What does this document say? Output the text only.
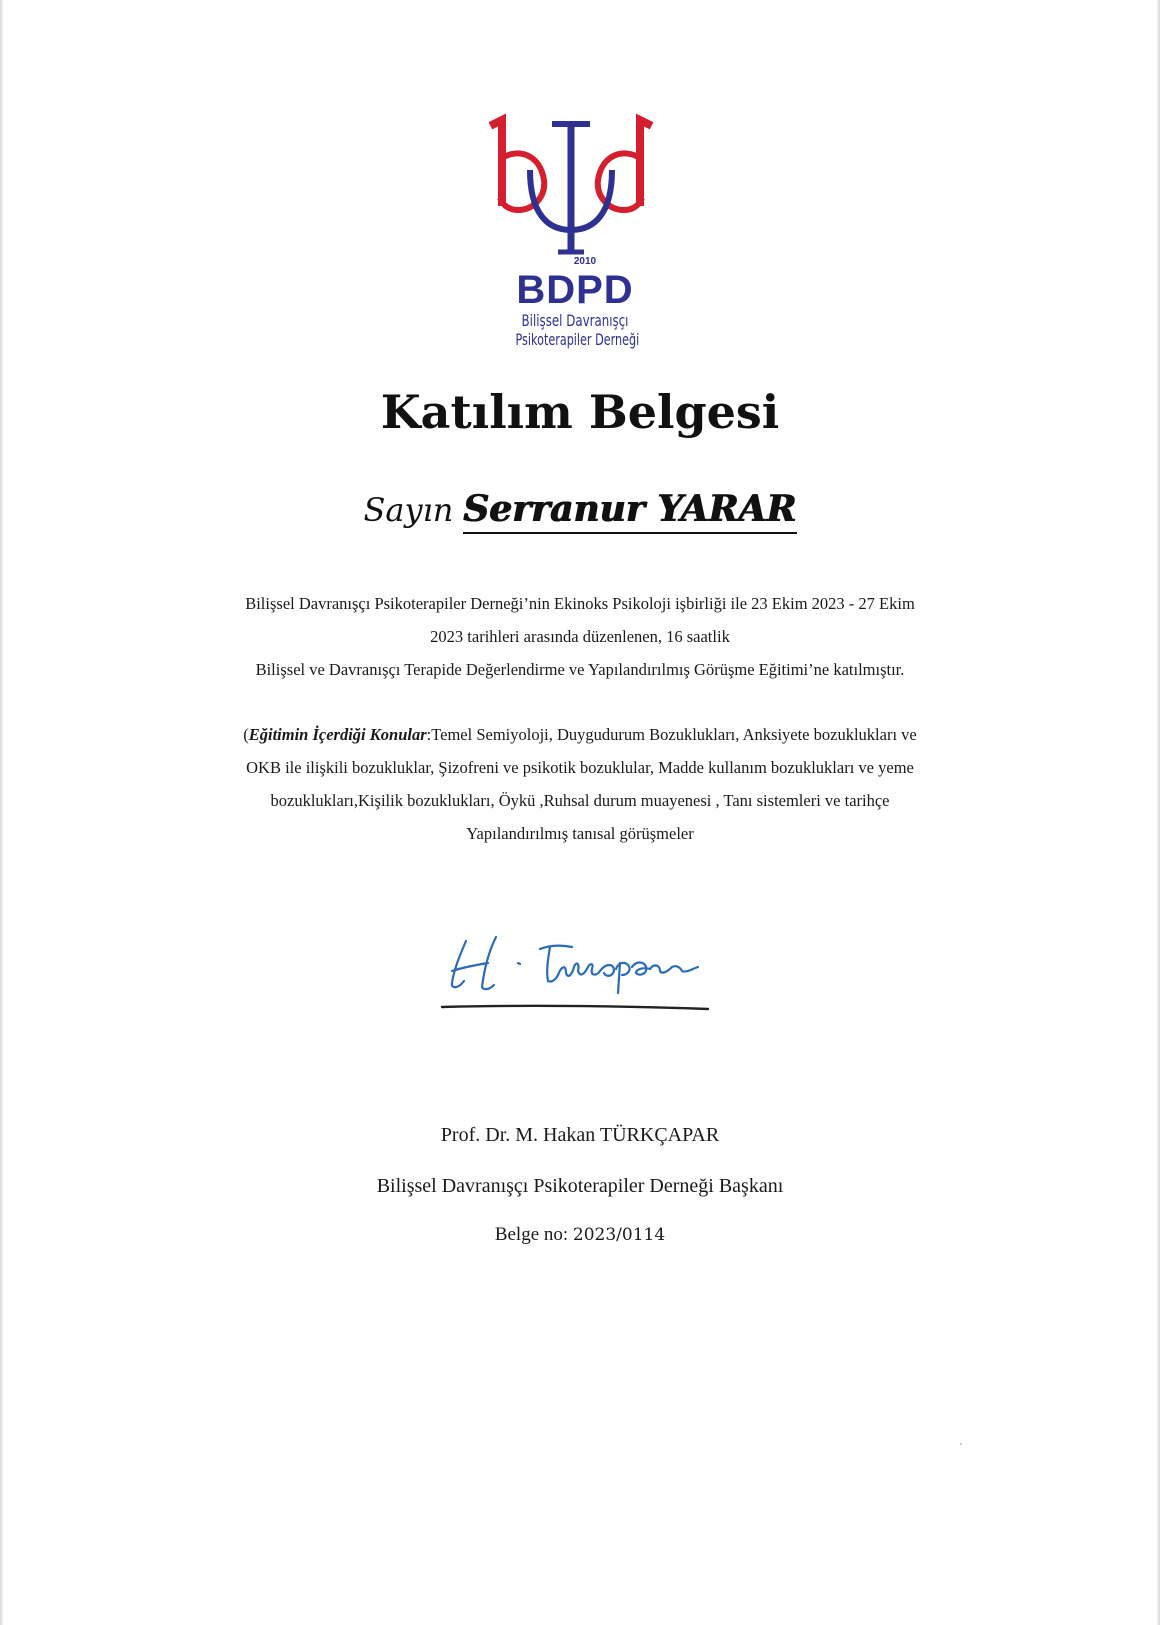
2010
BDPD
Bilişsel Davranışçı
Psikoterapiler Derneği
Katılım Belgesi
Sayın Serranur YARAR
Bilişsel Davranışçı Psikoterapiler Derneği’nin Ekinoks Psikoloji işbirliği ile 23 Ekim 2023 - 27 Ekim
2023 tarihleri arasında düzenlenen, 16 saatlik
Bilişsel ve Davranışçı Terapide Değerlendirme ve Yapılandırılmış Görüşme Eğitimi’ne katılmıştır.
(Eğitimin İçerdiği Konular:Temel Semiyoloji, Duygudurum Bozuklukları, Anksiyete bozuklukları ve
OKB ile ilişkili bozukluklar, Şizofreni ve psikotik bozuklular, Madde kullanım bozuklukları ve yeme
bozuklukları,Kişilik bozuklukları, Öykü ,Ruhsal durum muayenesi , Tanı sistemleri ve tarihçe
Yapılandırılmış tanısal görüşmeler
Prof. Dr. M. Hakan TÜRKÇAPAR
Bilişsel Davranışçı Psikoterapiler Derneği Başkanı
Belge no: 2023/0114
